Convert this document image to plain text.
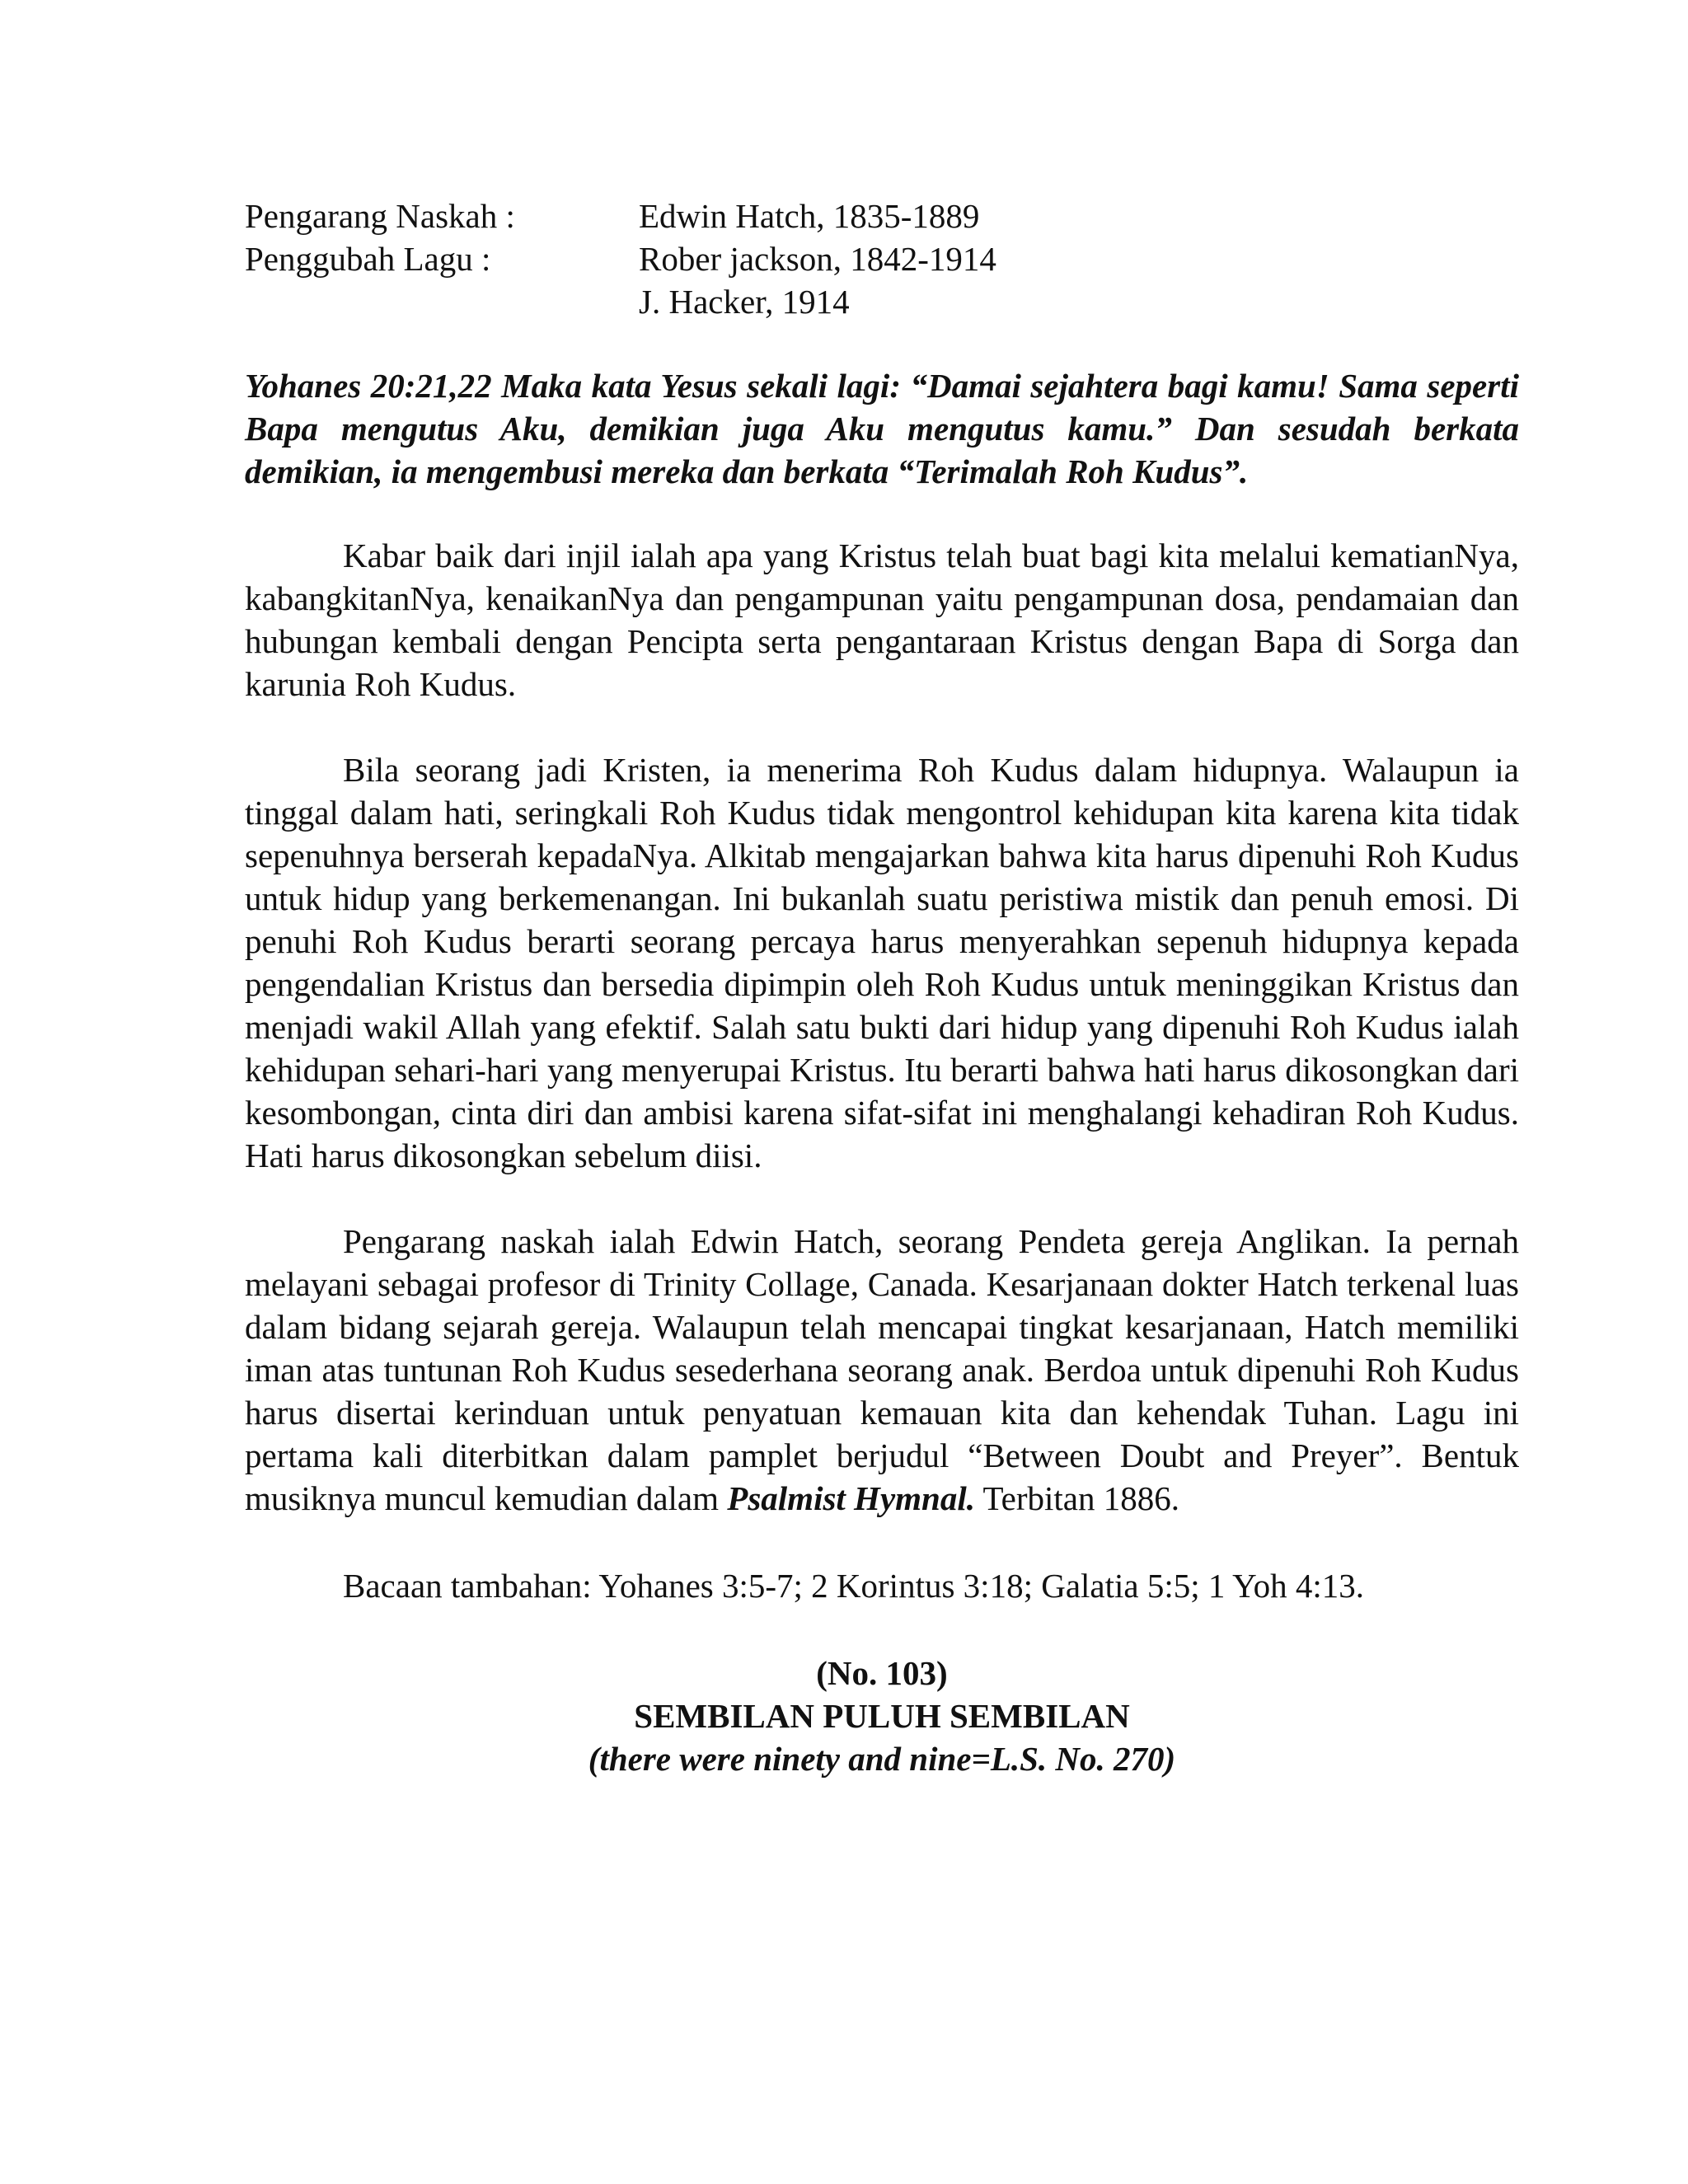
Pengarang Naskah :	Edwin Hatch, 1835-1889
Penggubah Lagu :	Rober jackson, 1842-1914
J. Hacker, 1914
Yohanes 20:21,22 Maka kata Yesus sekali lagi: “Damai sejahtera bagi kamu! Sama seperti Bapa mengutus Aku, demikian juga Aku mengutus kamu.” Dan sesudah berkata demikian, ia mengembusi mereka dan berkata “Terimalah Roh Kudus”.
Kabar baik dari injil ialah apa yang Kristus telah buat bagi kita melalui kematianNya, kabangkitanNya, kenaikanNya dan pengampunan yaitu pengampunan dosa, pendamaian dan hubungan kembali dengan Pencipta serta pengantaraan Kristus dengan Bapa di Sorga dan karunia Roh Kudus.
Bila seorang jadi Kristen, ia menerima Roh Kudus dalam hidupnya. Walaupun ia tinggal dalam hati, seringkali Roh Kudus tidak mengontrol kehidupan kita karena kita tidak sepenuhnya berserah kepadaNya. Alkitab mengajarkan bahwa kita harus dipenuhi Roh Kudus untuk hidup yang berkemenangan. Ini bukanlah suatu peristiwa mistik dan penuh emosi. Di penuhi Roh Kudus berarti seorang percaya harus menyerahkan sepenuh hidupnya kepada pengendalian Kristus dan bersedia dipimpin oleh Roh Kudus untuk meninggikan Kristus dan menjadi wakil Allah yang efektif. Salah satu bukti dari hidup yang dipenuhi Roh Kudus ialah kehidupan sehari-hari yang menyerupai Kristus. Itu berarti bahwa hati harus dikosongkan dari kesombongan, cinta diri dan ambisi karena sifat-sifat ini menghalangi kehadiran Roh Kudus. Hati harus dikosongkan sebelum diisi.
Pengarang naskah ialah Edwin Hatch, seorang Pendeta gereja Anglikan. Ia pernah melayani sebagai profesor di Trinity Collage, Canada. Kesarjanaan dokter Hatch terkenal luas dalam bidang sejarah gereja. Walaupun telah mencapai tingkat kesarjanaan, Hatch memiliki iman atas tuntunan Roh Kudus sesederhana seorang anak. Berdoa untuk dipenuhi Roh Kudus harus disertai kerinduan untuk penyatuan kemauan kita dan kehendak Tuhan. Lagu ini pertama kali diterbitkan dalam pamplet berjudul “Between Doubt and Preyer”. Bentuk musiknya muncul kemudian dalam Psalmist Hymnal. Terbitan 1886.
Bacaan tambahan: Yohanes 3:5-7; 2 Korintus 3:18; Galatia 5:5; 1 Yoh 4:13.
(No. 103)
SEMBILAN PULUH SEMBILAN
(there were ninety and nine=L.S. No. 270)
